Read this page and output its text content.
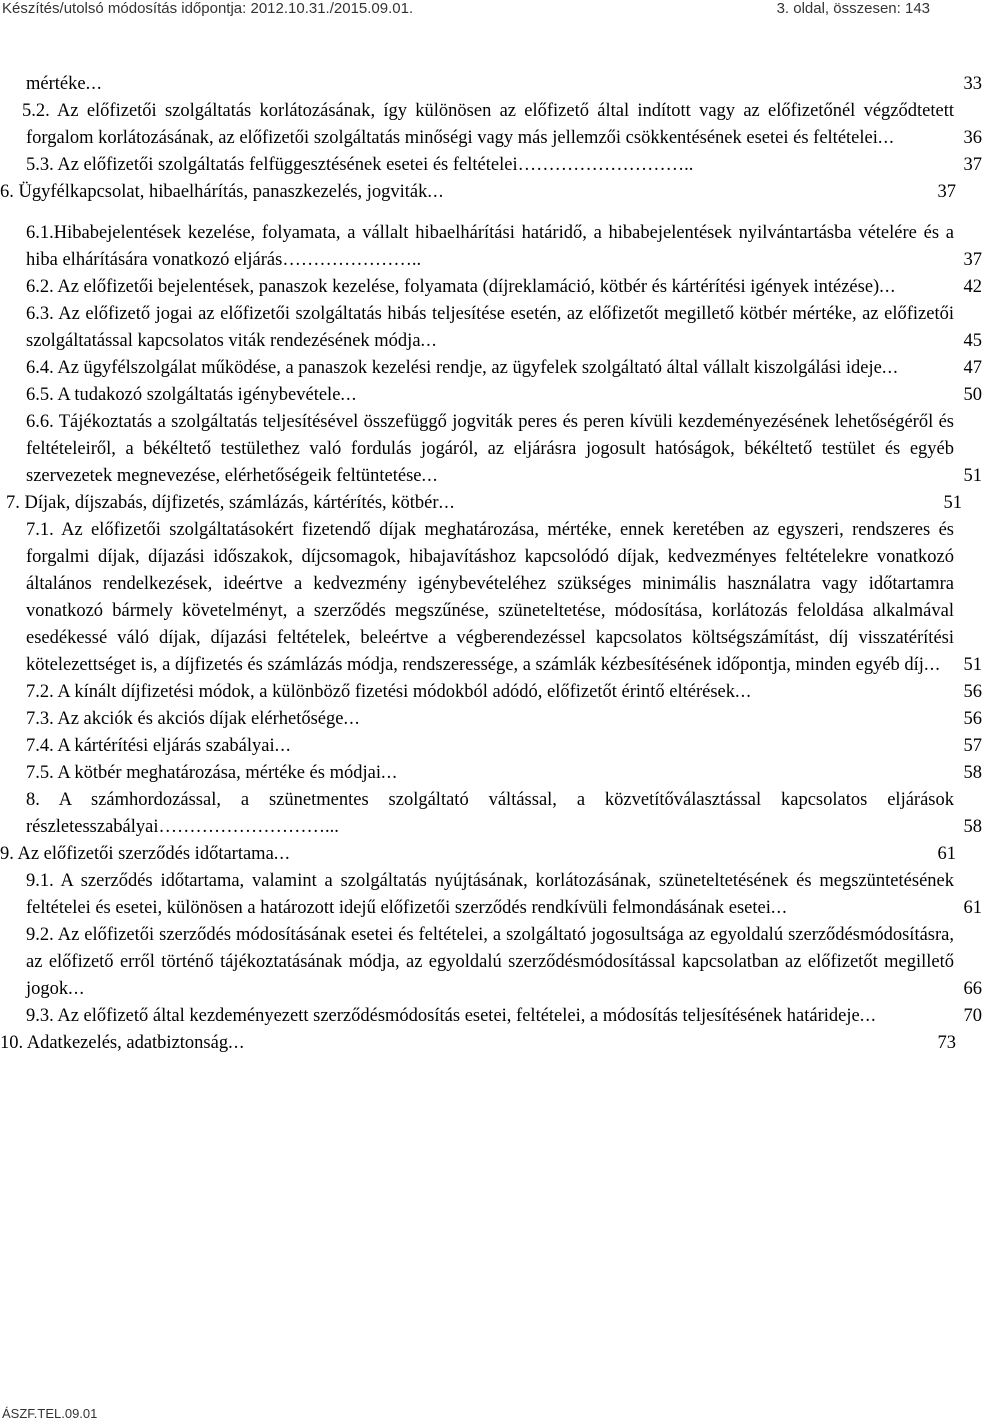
Készítés/utolsó módosítás időpontja: 2012.10.31./2015.09.01.	3. oldal, összesen: 143
mértéke...	33
5.2. Az előfizetői szolgáltatás korlátozásának, így különösen az előfizető által indított vagy az előfizetőnél végződtetett forgalom korlátozásának, az előfizetői szolgáltatás minőségi vagy más jellemzői csökkentésének esetei és feltételei...	36
5.3. Az előfizetői szolgáltatás felfüggesztésének esetei és feltételei………………………..	37
6. Ügyfélkapcsolat, hibaelhárítás, panaszkezelés, jogviták...	37
6.1.Hibabejelentések kezelése, folyamata, a vállalt hibaelhárítási határidő, a hibabejelentések nyilvántartásba vételére és a hiba elhárítására vonatkozó eljárás…………………..	37
6.2. Az előfizetői bejelentések, panaszok kezelése, folyamata (díjreklamáció, kötbér és kártérítési igények intézése)...	42
6.3. Az előfizető jogai az előfizetői szolgáltatás hibás teljesítése esetén, az előfizetőt megillető kötbér mértéke, az előfizetői szolgáltatással kapcsolatos viták rendezésének módja...	45
6.4. Az ügyfélszolgálat működése, a panaszok kezelési rendje, az ügyfelek szolgáltató által vállalt kiszolgálási ideje...	47
6.5. A tudakozó szolgáltatás igénybevétele...	50
6.6. Tájékoztatás a szolgáltatás teljesítésével összefüggő jogviták peres és peren kívüli kezdeményezésének lehetőségéről és feltételeiről, a békéltető testülethez való fordulás jogáról, az eljárásra jogosult hatóságok, békéltető testület és egyéb szervezetek megnevezése, elérhetőségeik feltüntetése...	51
7. Díjak, díjszabás, díjfizetés, számlázás, kártérítés, kötbér...	51
7.1. Az előfizetői szolgáltatásokért fizetendő díjak meghatározása, mértéke, ennek keretében az egyszeri, rendszeres és forgalmi díjak, díjazási időszakok, díjcsomagok, hibajavításhoz kapcsolódó díjak, kedvezményes feltételekre vonatkozó általános rendelkezések, ideértve a kedvezmény igénybevételéhez szükséges minimális használatra vagy időtartamra vonatkozó bármely követelményt, a szerződés megszűnése, szüneteltetése, módosítása, korlátozás feloldása alkalmával esedékessé váló díjak, díjazási feltételek, beleértve a végberendezéssel kapcsolatos költségszámítást, díj visszatérítési kötelezettséget is, a díjfizetés és számlázás módja, rendszeressége, a számlák kézbesítésének időpontja, minden egyéb díj...	51
7.2. A kínált díjfizetési módok, a különböző fizetési módokból adódó, előfizetőt érintő eltérések...	56
7.3. Az akciók és akciós díjak elérhetősége...	56
7.4. A kártérítési eljárás szabályai...	57
7.5. A kötbér meghatározása, mértéke és módjai...	58
8. A számhordozással, a szünetmentes szolgáltató váltással, a közvetítőválasztással kapcsolatos eljárások részletesszabályai………………………...	58
9. Az előfizetői szerződés időtartama...	61
9.1. A szerződés időtartama, valamint a szolgáltatás nyújtásának, korlátozásának, szüneteltetésének és megszüntetésének feltételei és esetei, különösen a határozott idejű előfizetői szerződés rendkívüli felmondásának esetei...	61
9.2. Az előfizetői szerződés módosításának esetei és feltételei, a szolgáltató jogosultsága az egyoldalú szerződésmódosításra, az előfizető erről történő tájékoztatásának módja, az egyoldalú szerződésmódosítással kapcsolatban az előfizetőt megillető jogok...	66
9.3. Az előfizető által kezdeményezett szerződésmódosítás esetei, feltételei, a módosítás teljesítésének határideje...	70
10. Adatkezelés, adatbiztonság...	73
ÁSZF.TEL.09.01
